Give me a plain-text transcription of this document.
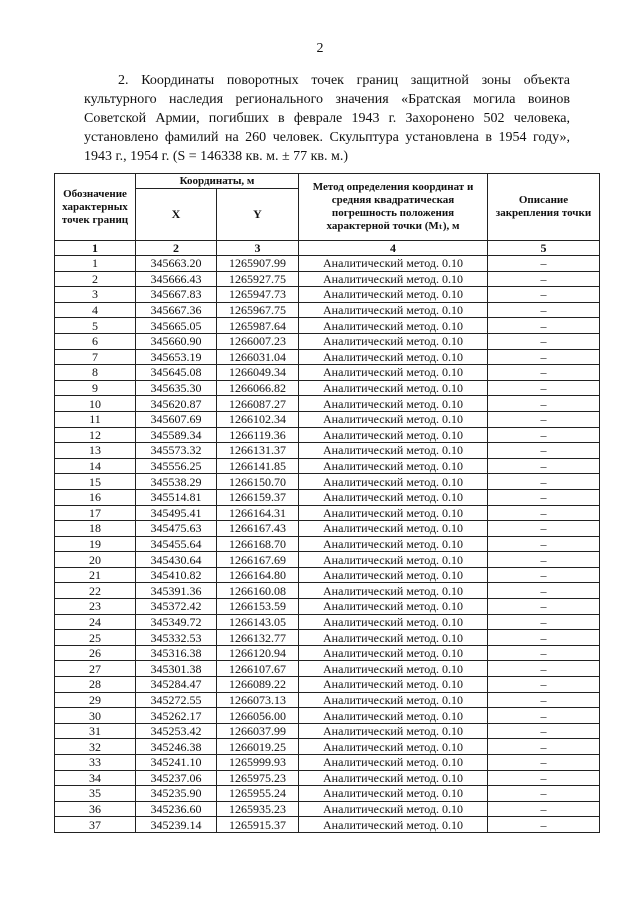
2

2. Координаты поворотных точек границ защитной зоны объекта культурного наследия регионального значения «Братская могила воинов Советской Армии, погибших в феврале 1943 г. Захоронено 502 человека, установлено фамилий на 260 человек. Скульптура установлена в 1954 году», 1943 г., 1954 г. (S = 146338 кв. м. ± 77 кв. м.)

Обозначение характерных точек границ	Координаты, м		Метод определения координат и средняя квадратическая погрешность положения характерной точки (Mₜ), м	Описание закрепления точки
	X	Y		
1	2	3	4	5
1	345663.20	1265907.99	Аналитический метод. 0.10	–
2	345666.43	1265927.75	Аналитический метод. 0.10	–
3	345667.83	1265947.73	Аналитический метод. 0.10	–
4	345667.36	1265967.75	Аналитический метод. 0.10	–
5	345665.05	1265987.64	Аналитический метод. 0.10	–
6	345660.90	1266007.23	Аналитический метод. 0.10	–
7	345653.19	1266031.04	Аналитический метод. 0.10	–
8	345645.08	1266049.34	Аналитический метод. 0.10	–
9	345635.30	1266066.82	Аналитический метод. 0.10	–
10	345620.87	1266087.27	Аналитический метод. 0.10	–
11	345607.69	1266102.34	Аналитический метод. 0.10	–
12	345589.34	1266119.36	Аналитический метод. 0.10	–
13	345573.32	1266131.37	Аналитический метод. 0.10	–
14	345556.25	1266141.85	Аналитический метод. 0.10	–
15	345538.29	1266150.70	Аналитический метод. 0.10	–
16	345514.81	1266159.37	Аналитический метод. 0.10	–
17	345495.41	1266164.31	Аналитический метод. 0.10	–
18	345475.63	1266167.43	Аналитический метод. 0.10	–
19	345455.64	1266168.70	Аналитический метод. 0.10	–
20	345430.64	1266167.69	Аналитический метод. 0.10	–
21	345410.82	1266164.80	Аналитический метод. 0.10	–
22	345391.36	1266160.08	Аналитический метод. 0.10	–
23	345372.42	1266153.59	Аналитический метод. 0.10	–
24	345349.72	1266143.05	Аналитический метод. 0.10	–
25	345332.53	1266132.77	Аналитический метод. 0.10	–
26	345316.38	1266120.94	Аналитический метод. 0.10	–
27	345301.38	1266107.67	Аналитический метод. 0.10	–
28	345284.47	1266089.22	Аналитический метод. 0.10	–
29	345272.55	1266073.13	Аналитический метод. 0.10	–
30	345262.17	1266056.00	Аналитический метод. 0.10	–
31	345253.42	1266037.99	Аналитический метод. 0.10	–
32	345246.38	1266019.25	Аналитический метод. 0.10	–
33	345241.10	1265999.93	Аналитический метод. 0.10	–
34	345237.06	1265975.23	Аналитический метод. 0.10	–
35	345235.90	1265955.24	Аналитический метод. 0.10	–
36	345236.60	1265935.23	Аналитический метод. 0.10	–
37	345239.14	1265915.37	Аналитический метод. 0.10	–
